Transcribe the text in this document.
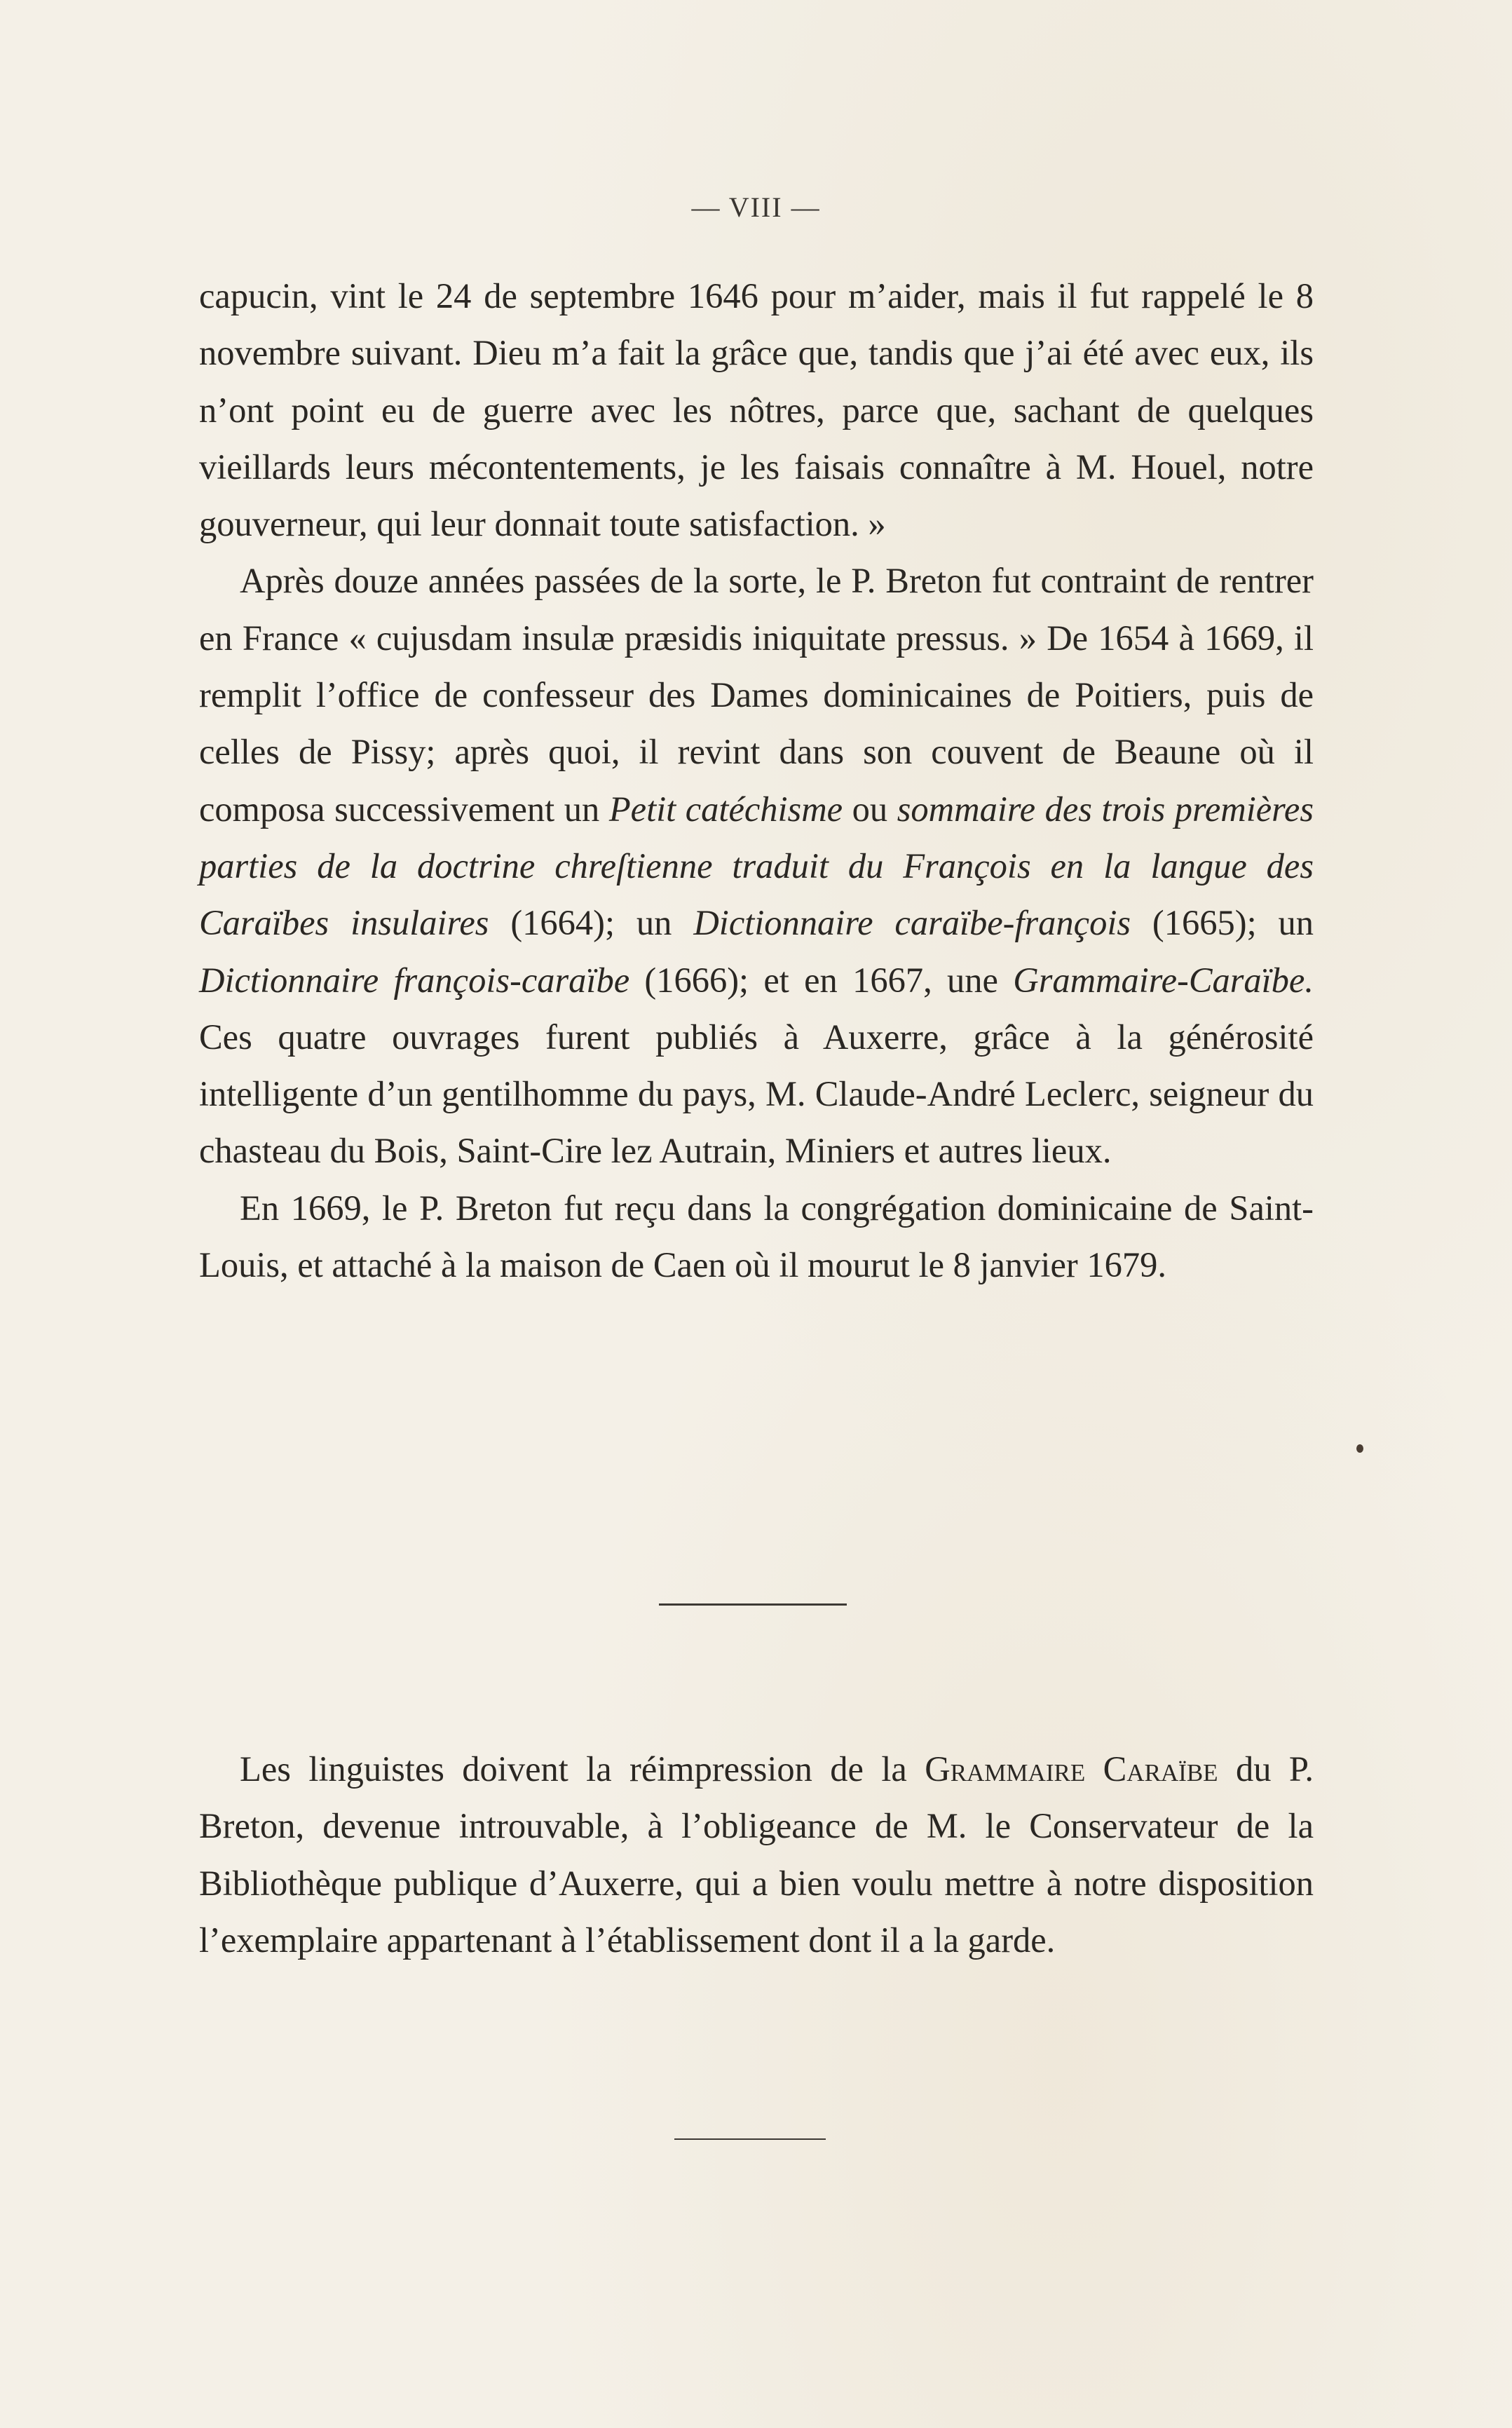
— VIII —

capucin, vint le 24 de septembre 1646 pour m’aider, mais il fut rappelé le 8 novembre suivant. Dieu m’a fait la grâce que, tandis que j’ai été avec eux, ils n’ont point eu de guerre avec les nôtres, parce que, sachant de quelques vieillards leurs mécontentements, je les faisais connaître à M. Houel, notre gouverneur, qui leur donnait toute satisfaction. »

Après douze années passées de la sorte, le P. Breton fut contraint de rentrer en France « cujusdam insulæ præsidis iniquitate pressus. » De 1654 à 1669, il remplit l’office de confesseur des Dames dominicaines de Poitiers, puis de celles de Pissy; après quoi, il revint dans son couvent de Beaune où il composa successivement un Petit catéchisme ou sommaire des trois premières parties de la doctrine chreſtienne traduit du François en la langue des Caraïbes insulaires (1664); un Dictionnaire caraïbe-françois (1665); un Dictionnaire françois-caraïbe (1666); et en 1667, une Grammaire-Caraïbe. Ces quatre ouvrages furent publiés à Auxerre, grâce à la générosité intelligente d’un gentilhomme du pays, M. Claude-André Leclerc, seigneur du chasteau du Bois, Saint-Cire lez Autrain, Miniers et autres lieux.

En 1669, le P. Breton fut reçu dans la congrégation dominicaine de Saint-Louis, et attaché à la maison de Caen où il mourut le 8 janvier 1679.

Les linguistes doivent la réimpression de la Grammaire Caraïbe du P. Breton, devenue introuvable, à l’obligeance de M. le Conservateur de la Bibliothèque publique d’Auxerre, qui a bien voulu mettre à notre disposition l’exemplaire appartenant à l’établissement dont il a la garde.
